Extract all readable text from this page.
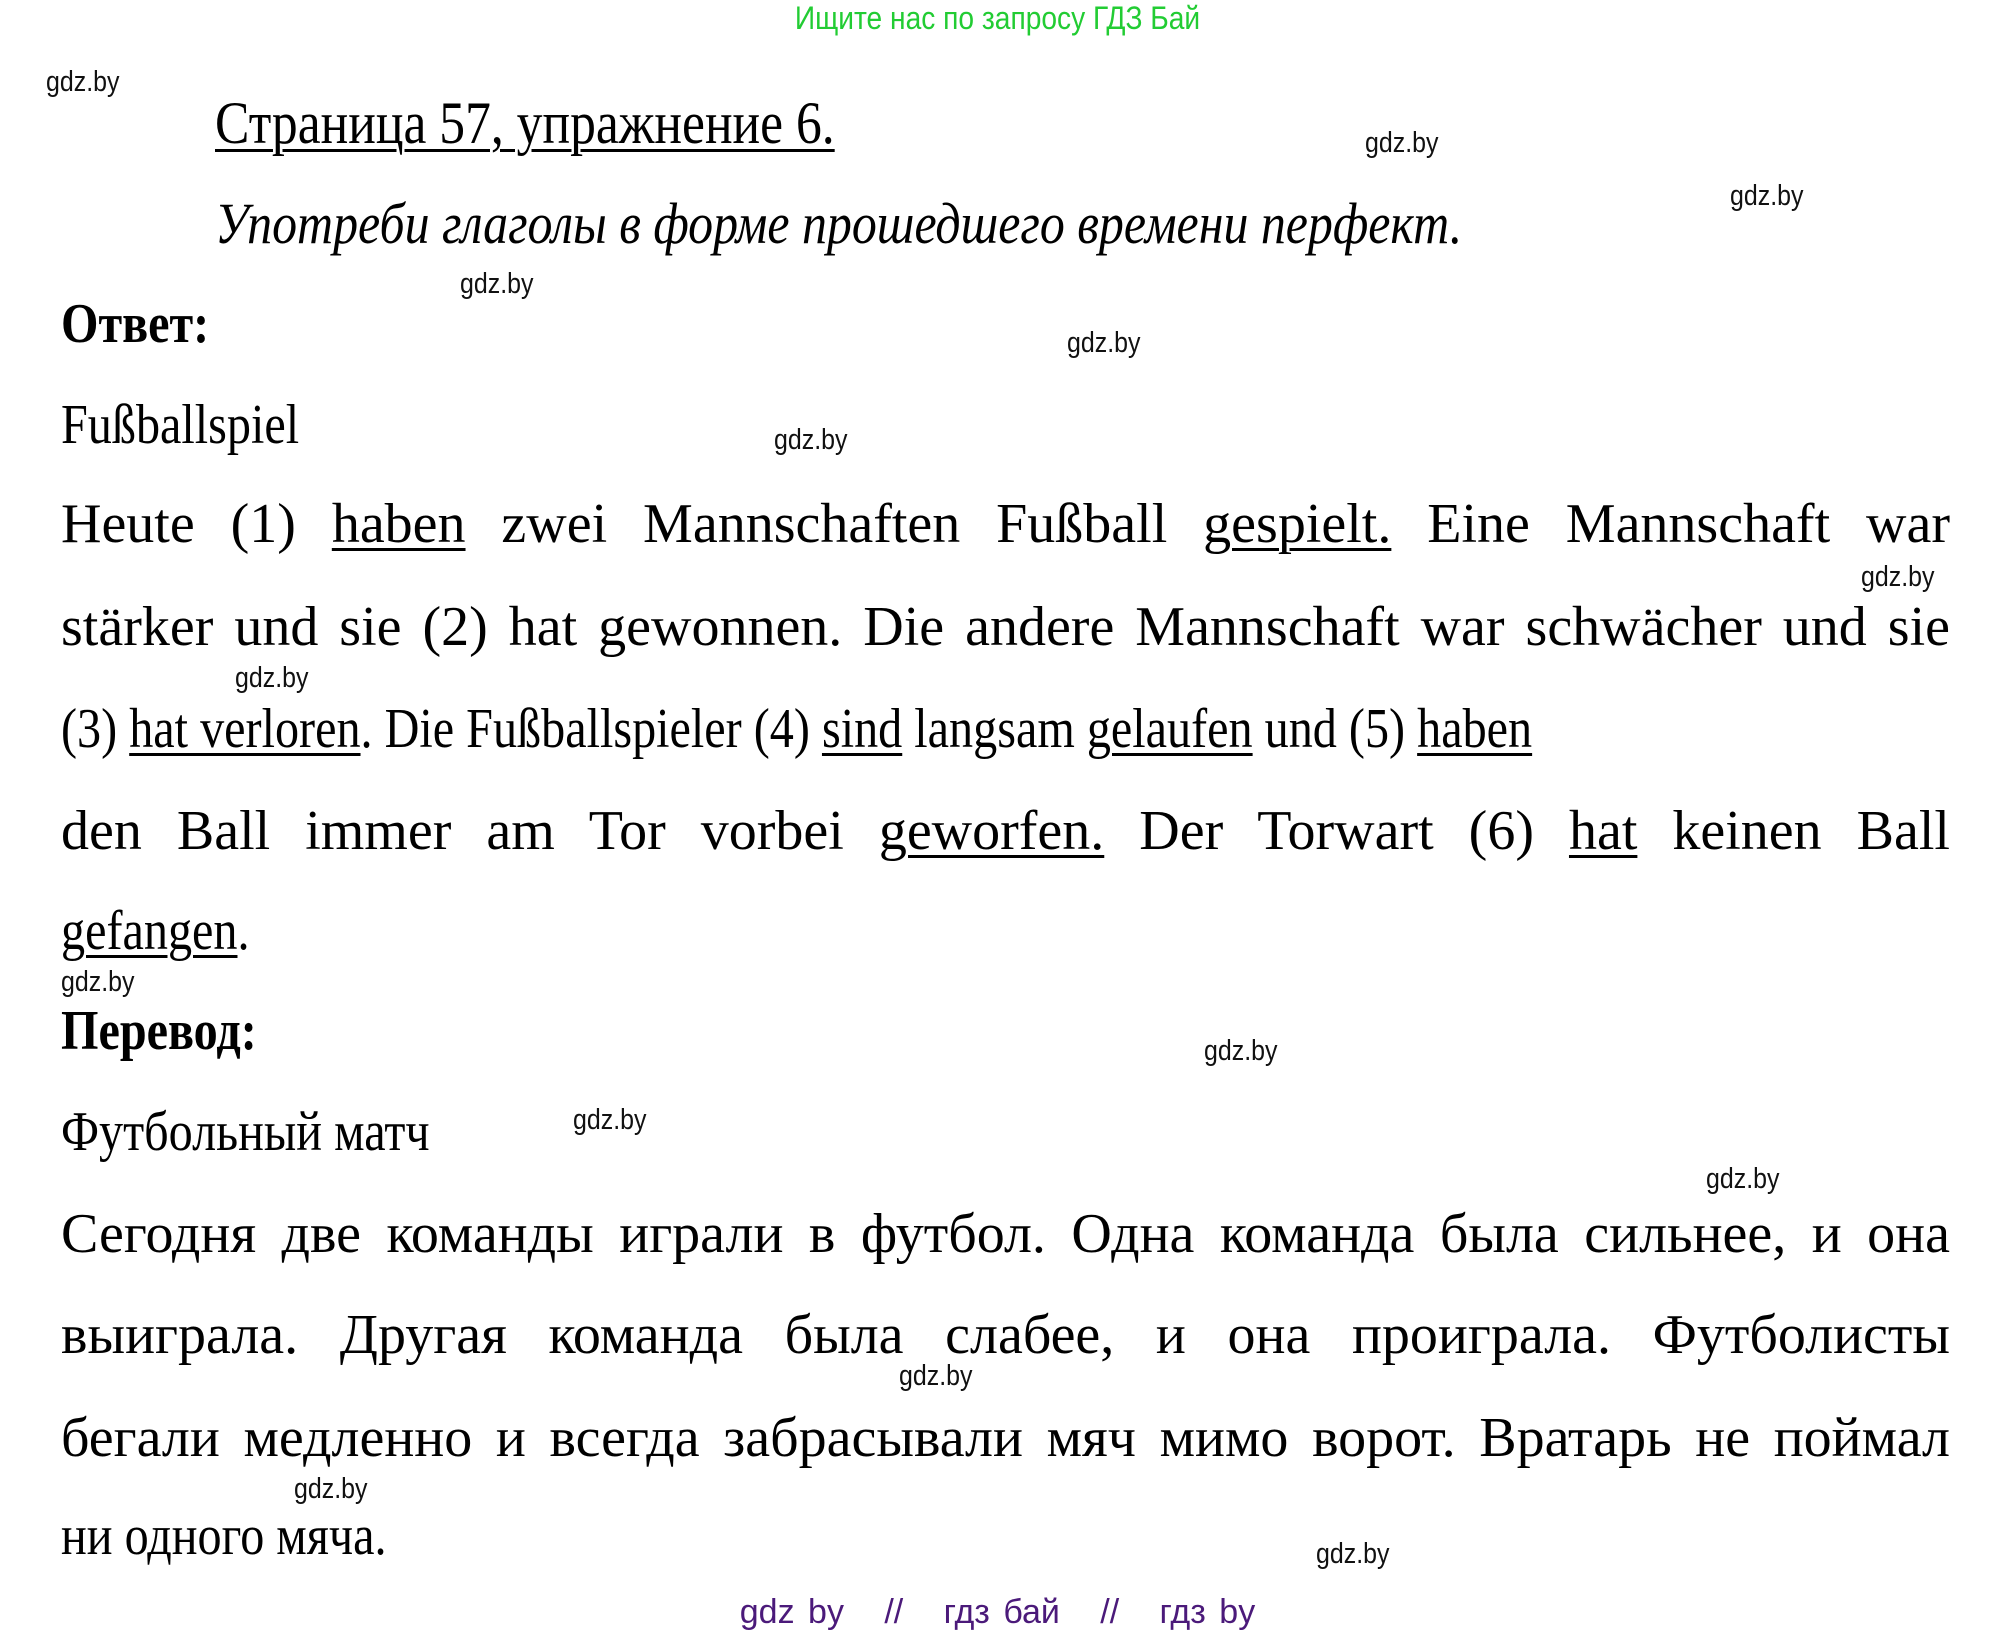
Ищите нас по запросу ГДЗ Бай
Страница 57, упражнение 6.
Употреби глаголы в форме прошедшего времени перфект.
Ответ:
Fußballspiel
Heute (1) haben zwei Mannschaften Fußball gespielt. Eine Mannschaft war
stärker und sie (2) hat gewonnen. Die andere Mannschaft war schwächer und sie
(3) hat verloren. Die Fußballspieler (4) sind langsam gelaufen und (5) haben
den Ball immer am Tor vorbei geworfen. Der Torwart (6) hat keinen Ball
gefangen.
Перевод:
Футбольный матч
Сегодня две команды играли в футбол. Одна команда была сильнее, и она
выиграла. Другая команда была слабее, и она проиграла. Футболисты
бегали медленно и всегда забрасывали мяч мимо ворот. Вратарь не поймал
ни одного мяча.
gdz.by
gdz.by
gdz.by
gdz.by
gdz.by
gdz.by
gdz.by
gdz.by
gdz.by
gdz.by
gdz.by
gdz.by
gdz.by
gdz.by
gdz.by
gdz by // гдз бай // гдз by
